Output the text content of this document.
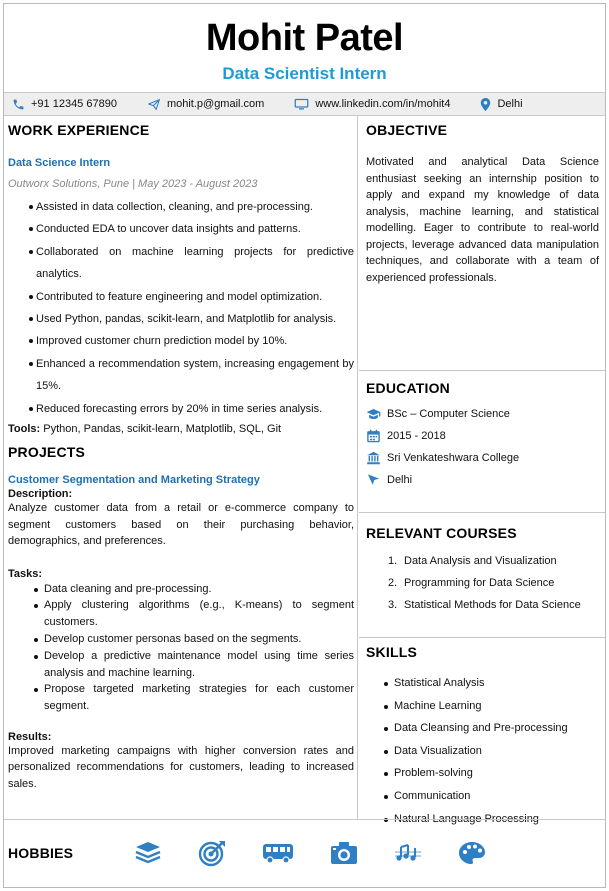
Mohit Patel
Data Scientist Intern
+91 12345 67890	mohit.p@gmail.com	www.linkedin.com/in/mohit4	Delhi
WORK EXPERIENCE
Data Science Intern
Outworx Solutions, Pune | May 2023 - August 2023
Assisted in data collection, cleaning, and pre-processing.
Conducted EDA to uncover data insights and patterns.
Collaborated on machine learning projects for predictive analytics.
Contributed to feature engineering and model optimization.
Used Python, pandas, scikit-learn, and Matplotlib for analysis.
Improved customer churn prediction model by 10%.
Enhanced a recommendation system, increasing engagement by 15%.
Reduced forecasting errors by 20% in time series analysis.
Tools: Python, Pandas, scikit-learn, Matplotlib, SQL, Git
PROJECTS
Customer Segmentation and Marketing Strategy
Description:
Analyze customer data from a retail or e-commerce company to segment customers based on their purchasing behavior, demographics, and preferences.
Tasks:
Data cleaning and pre-processing.
Apply clustering algorithms (e.g., K-means) to segment customers.
Develop customer personas based on the segments.
Develop a predictive maintenance model using time series analysis and machine learning.
Propose targeted marketing strategies for each customer segment.
Results:
Improved marketing campaigns with higher conversion rates and personalized recommendations for customers, leading to increased sales.
OBJECTIVE
Motivated and analytical Data Science enthusiast seeking an internship position to apply and expand my knowledge of data analysis, machine learning, and statistical modelling. Eager to contribute to real-world projects, leverage advanced data manipulation techniques, and collaborate with a team of experienced professionals.
EDUCATION
BSc – Computer Science
2015 - 2018
Sri Venkateshwara College
Delhi
RELEVANT COURSES
Data Analysis and Visualization
Programming for Data Science
Statistical Methods for Data Science
SKILLS
Statistical Analysis
Machine Learning
Data Cleansing and Pre-processing
Data Visualization
Problem-solving
Communication
Natural Language Processing
HOBBIES
